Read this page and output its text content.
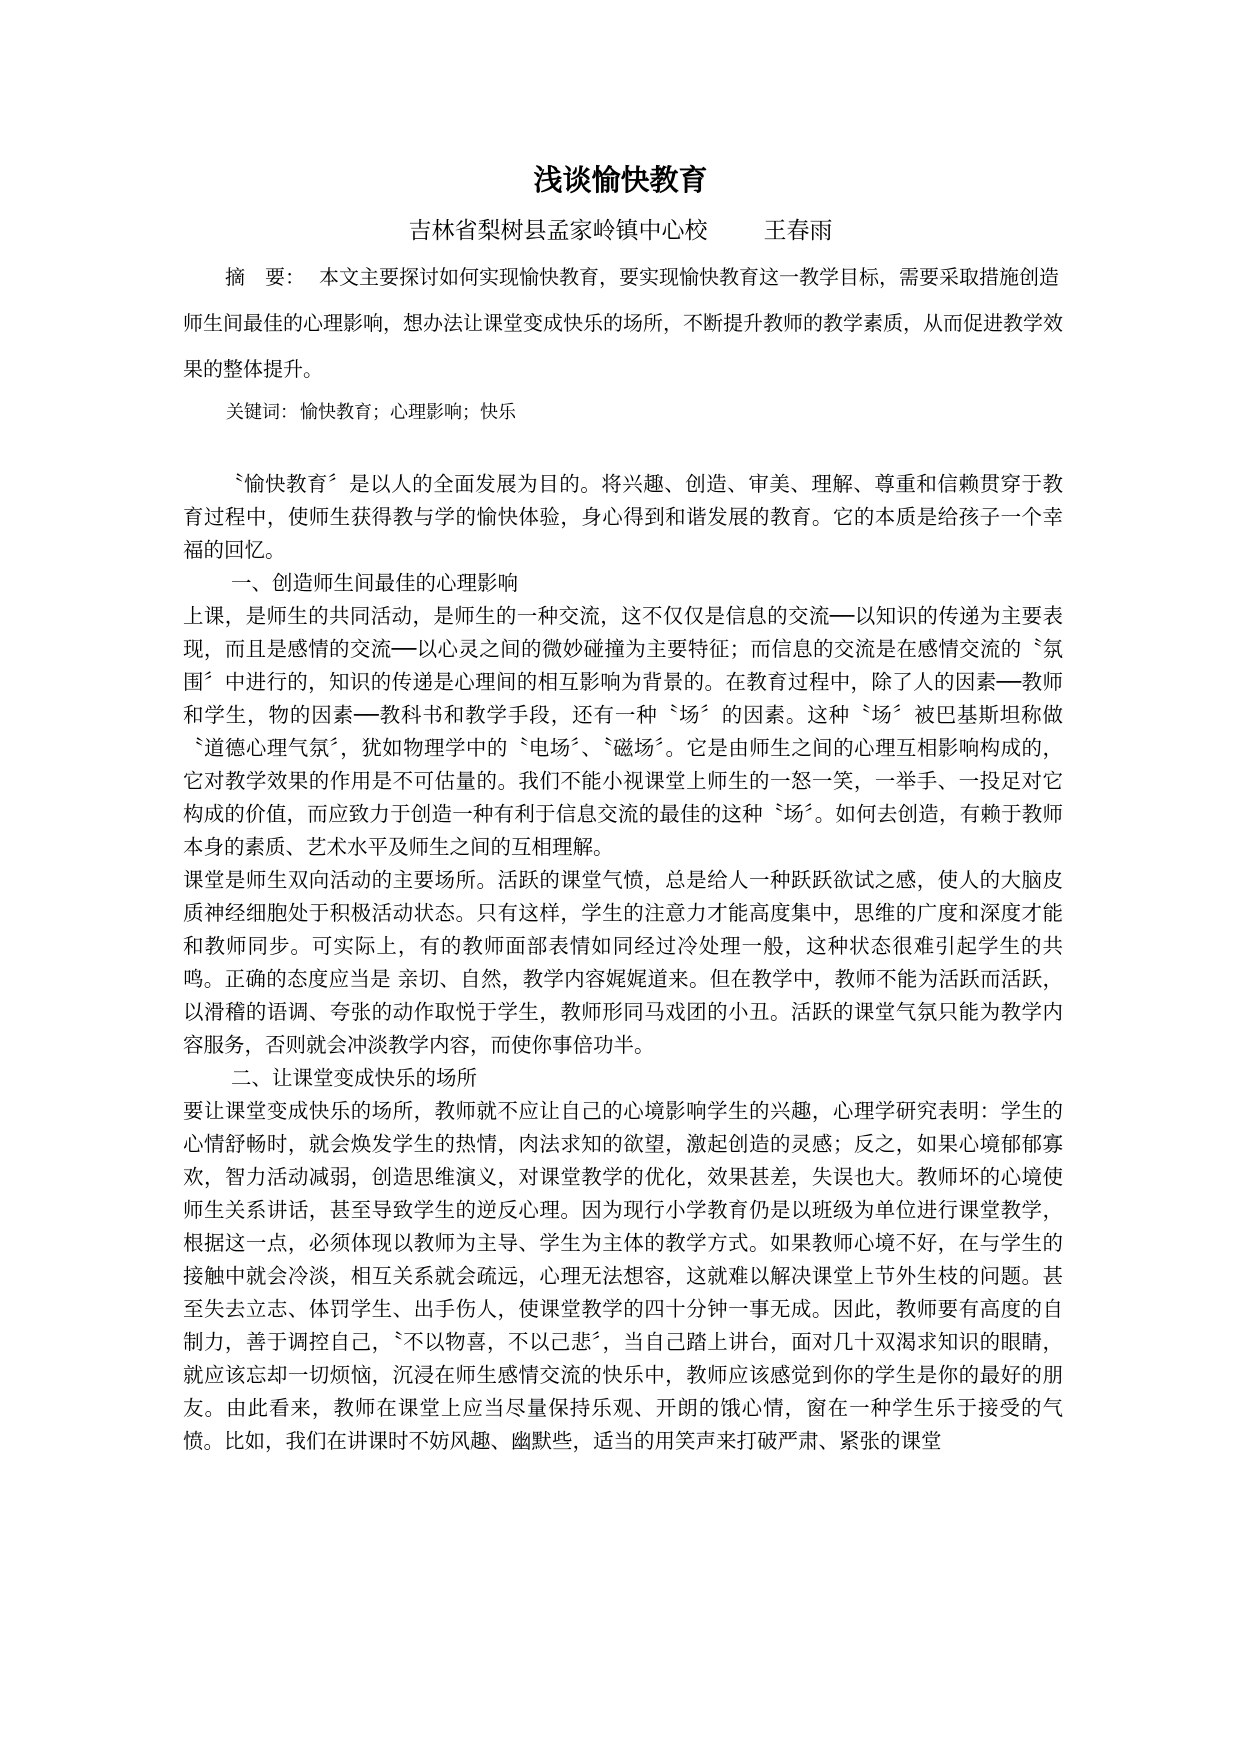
浅谈愉快教育
吉林省梨树县孟家岭镇中心校 王春雨
摘　要： 本文主要探讨如何实现愉快教育，要实现愉快教育这一教学目标，需要采取措施创造师生间最佳的心理影响，想办法让课堂变成快乐的场所，不断提升教师的教学素质，从而促进教学效果的整体提升。
关键词： 愉快教育；心理影响；快乐

〝愉快教育〞是以人的全面发展为目的。将兴趣、创造、审美、理解、尊重和信赖贯穿于教育过程中，使师生获得教与学的愉快体验，身心得到和谐发展的教育。它的本质是给孩子一个幸福的回忆。

一、创造师生间最佳的心理影响

上课，是师生的共同活动，是师生的一种交流，这不仅仅是信息的交流──以知识的传递为主要表现，而且是感情的交流──以心灵之间的微妙碰撞为主要特征；而信息的交流是在感情交流的〝氛围〞中进行的，知识的传递是心理间的相互影响为背景的。在教育过程中，除了人的因素──教师和学生，物的因素──教科书和教学手段，还有一种〝场〞的因素。这种〝场〞被巴基斯坦称做〝道德心理气氛〞，犹如物理学中的〝电场〞、〝磁场〞。它是由师生之间的心理互相影响构成的，它对教学效果的作用是不可估量的。我们不能小视课堂上师生的一怒一笑，一举手、一投足对它构成的价值，而应致力于创造一种有利于信息交流的最佳的这种〝场〞。如何去创造，有赖于教师本身的素质、艺术水平及师生之间的互相理解。

课堂是师生双向活动的主要场所。活跃的课堂气愤，总是给人一种跃跃欲试之感，使人的大脑皮质神经细胞处于积极活动状态。只有这样，学生的注意力才能高度集中，思维的广度和深度才能和教师同步。可实际上，有的教师面部表情如同经过冷处理一般，这种状态很难引起学生的共鸣。正确的态度应当是 亲切、自然，教学内容娓娓道来。但在教学中，教师不能为活跃而活跃，以滑稽的语调、夸张的动作取悦于学生，教师形同马戏团的小丑。活跃的课堂气氛只能为教学内容服务，否则就会冲淡教学内容，而使你事倍功半。

二、让课堂变成快乐的场所

要让课堂变成快乐的场所，教师就不应让自己的心境影响学生的兴趣，心理学研究表明：学生的心情舒畅时，就会焕发学生的热情，肉法求知的欲望，激起创造的灵感；反之，如果心境郁郁寡欢，智力活动减弱，创造思维演义，对课堂教学的优化，效果甚差，失误也大。教师坏的心境使师生关系讲话，甚至导致学生的逆反心理。因为现行小学教育仍是以班级为单位进行课堂教学，根据这一点，必须体现以教师为主导、学生为主体的教学方式。如果教师心境不好，在与学生的接触中就会冷淡，相互关系就会疏远，心理无法想容，这就难以解决课堂上节外生枝的问题。甚至失去立志、体罚学生、出手伤人，使课堂教学的四十分钟一事无成。因此，教师要有高度的自制力，善于调控自己，〝不以物喜，不以己悲〞，当自己踏上讲台，面对几十双渴求知识的眼睛，就应该忘却一切烦恼，沉浸在师生感情交流的快乐中，教师应该感觉到你的学生是你的最好的朋友。由此看来，教师在课堂上应当尽量保持乐观、开朗的饿心情，窗在一种学生乐于接受的气愤。比如，我们在讲课时不妨风趣、幽默些，适当的用笑声来打破严肃、紧张的课堂
